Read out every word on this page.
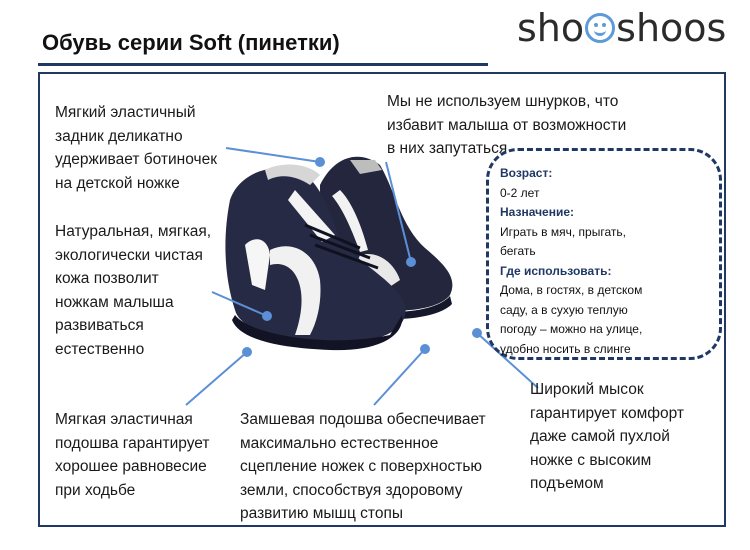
Обувь серии Soft (пинетки)	sho shoos
Мягкий эластичный
задник деликатно
удерживает ботиночек
на детской ножке
Мы не используем шнурков, что
избавит малыша от возможности
в них запутаться
Натуральная, мягкая,
экологически чистая
кожа позволит
ножкам малыша
развиваться
естественно
Мягкая эластичная
подошва гарантирует
хорошее равновесие
при ходьбе
Замшевая подошва обеспечивает
максимально естественное
сцепление ножек с поверхностью
земли, способствуя здоровому
развитию мышц стопы
Широкий мысок
гарантирует комфорт
даже самой пухлой
ножке с высоким
подъемом
Возраст:
0-2 лет
Назначение:
Играть в мяч, прыгать,
бегать
Где использовать:
Дома, в гостях, в детском
саду, а в сухую теплую
погоду – можно на улице,
удобно носить в слинге
